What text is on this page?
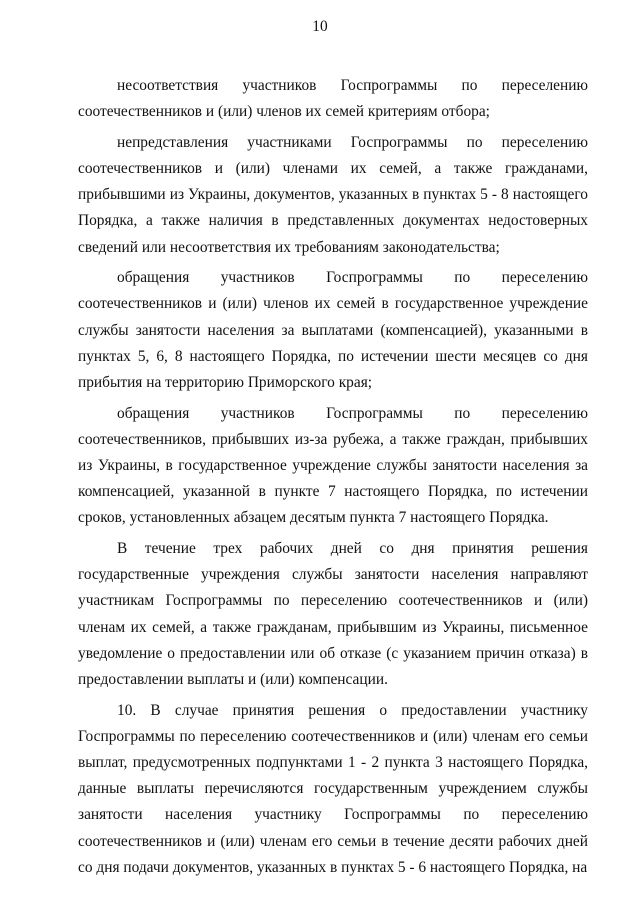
10

несоответствия участников Госпрограммы по переселению соотечественников и (или) членов их семей критериям отбора;

непредставления участниками Госпрограммы по переселению соотечественников и (или) членами их семей, а также гражданами, прибывшими из Украины, документов, указанных в пунктах 5 - 8 настоящего Порядка, а также наличия в представленных документах недостоверных сведений или несоответствия их требованиям законодательства;

обращения участников Госпрограммы по переселению соотечественников и (или) членов их семей в государственное учреждение службы занятости населения за выплатами (компенсацией), указанными в пунктах 5, 6, 8 настоящего Порядка, по истечении шести месяцев со дня прибытия на территорию Приморского края;

обращения участников Госпрограммы по переселению соотечественников, прибывших из-за рубежа, а также граждан, прибывших из Украины, в государственное учреждение службы занятости населения за компенсацией, указанной в пункте 7 настоящего Порядка, по истечении сроков, установленных абзацем десятым пункта 7 настоящего Порядка.

В течение трех рабочих дней со дня принятия решения государственные учреждения службы занятости населения направляют участникам Госпрограммы по переселению соотечественников и (или) членам их семей, а также гражданам, прибывшим из Украины, письменное уведомление о предоставлении или об отказе (с указанием причин отказа) в предоставлении выплаты и (или) компенсации.

10. В случае принятия решения о предоставлении участнику Госпрограммы по переселению соотечественников и (или) членам его семьи выплат, предусмотренных подпунктами 1 - 2 пункта 3 настоящего Порядка, данные выплаты перечисляются государственным учреждением службы занятости населения участнику Госпрограммы по переселению соотечественников и (или) членам его семьи в течение десяти рабочих дней со дня подачи документов, указанных в пунктах 5 - 6 настоящего Порядка, на
